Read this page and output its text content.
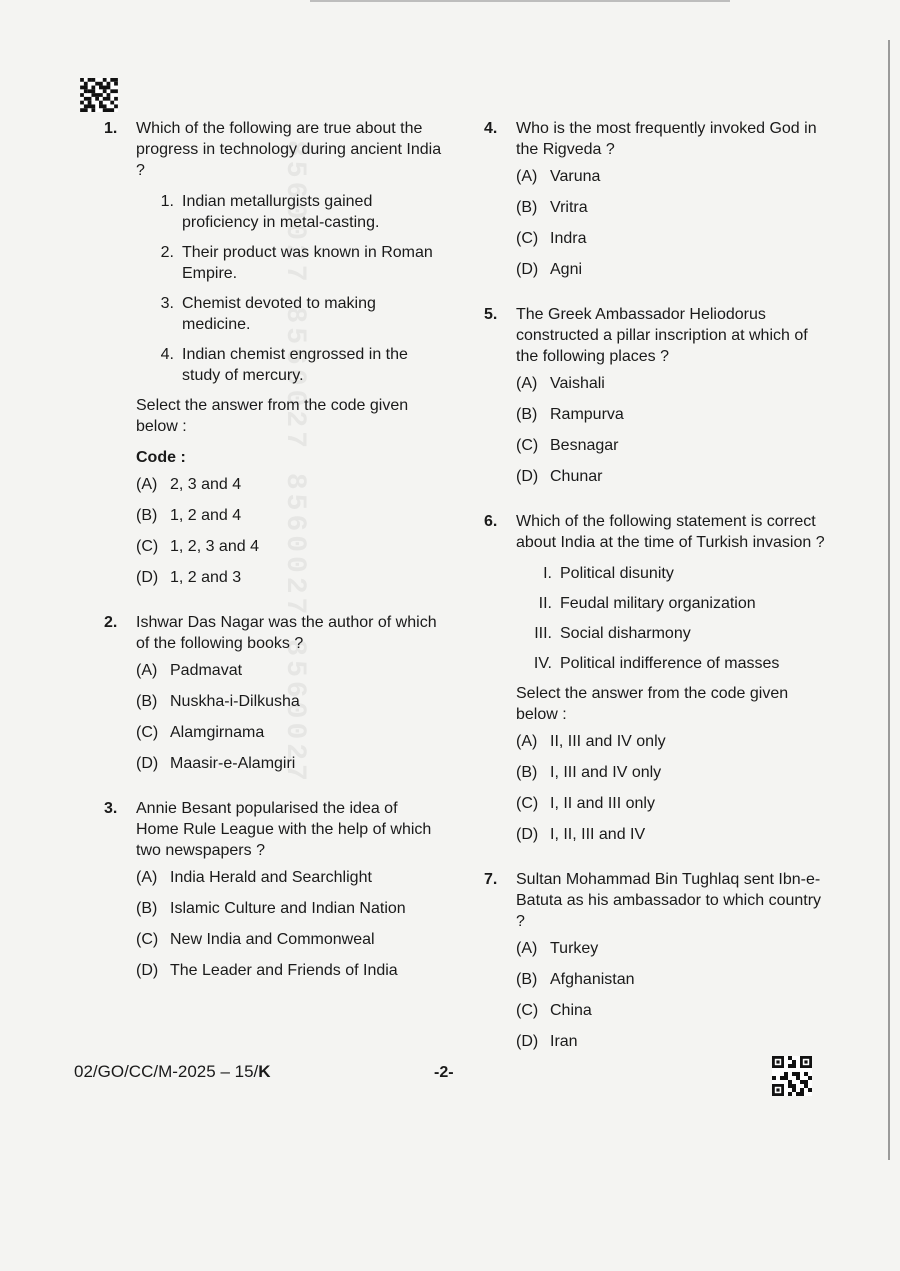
8560027 8560027 8560027 8560027
1. Which of the following are true about the progress in technology during ancient India ?
1. Indian metallurgists gained proficiency in metal-casting.
2. Their product was known in Roman Empire.
3. Chemist devoted to making medicine.
4. Indian chemist engrossed in the study of mercury.
Select the answer from the code given below :
Code :
(A) 2, 3 and 4
(B) 1, 2 and 4
(C) 1, 2, 3 and 4
(D) 1, 2 and 3
2. Ishwar Das Nagar was the author of which of the following books ?
(A) Padmavat
(B) Nuskha-i-Dilkusha
(C) Alamgirnama
(D) Maasir-e-Alamgiri
3. Annie Besant popularised the idea of Home Rule League with the help of which two newspapers ?
(A) India Herald and Searchlight
(B) Islamic Culture and Indian Nation
(C) New India and Commonweal
(D) The Leader and Friends of India
4. Who is the most frequently invoked God in the Rigveda ?
(A) Varuna
(B) Vritra
(C) Indra
(D) Agni
5. The Greek Ambassador Heliodorus constructed a pillar inscription at which of the following places ?
(A) Vaishali
(B) Rampurva
(C) Besnagar
(D) Chunar
6. Which of the following statement is correct about India at the time of Turkish invasion ?
I. Political disunity
II. Feudal military organization
III. Social disharmony
IV. Political indifference of masses
Select the answer from the code given below :
(A) II, III and IV only
(B) I, III and IV only
(C) I, II and III only
(D) I, II, III and IV
7. Sultan Mohammad Bin Tughlaq sent Ibn-e-Batuta as his ambassador to which country ?
(A) Turkey
(B) Afghanistan
(C) China
(D) Iran
02/GO/CC/M-2025 – 15/K	-2-
